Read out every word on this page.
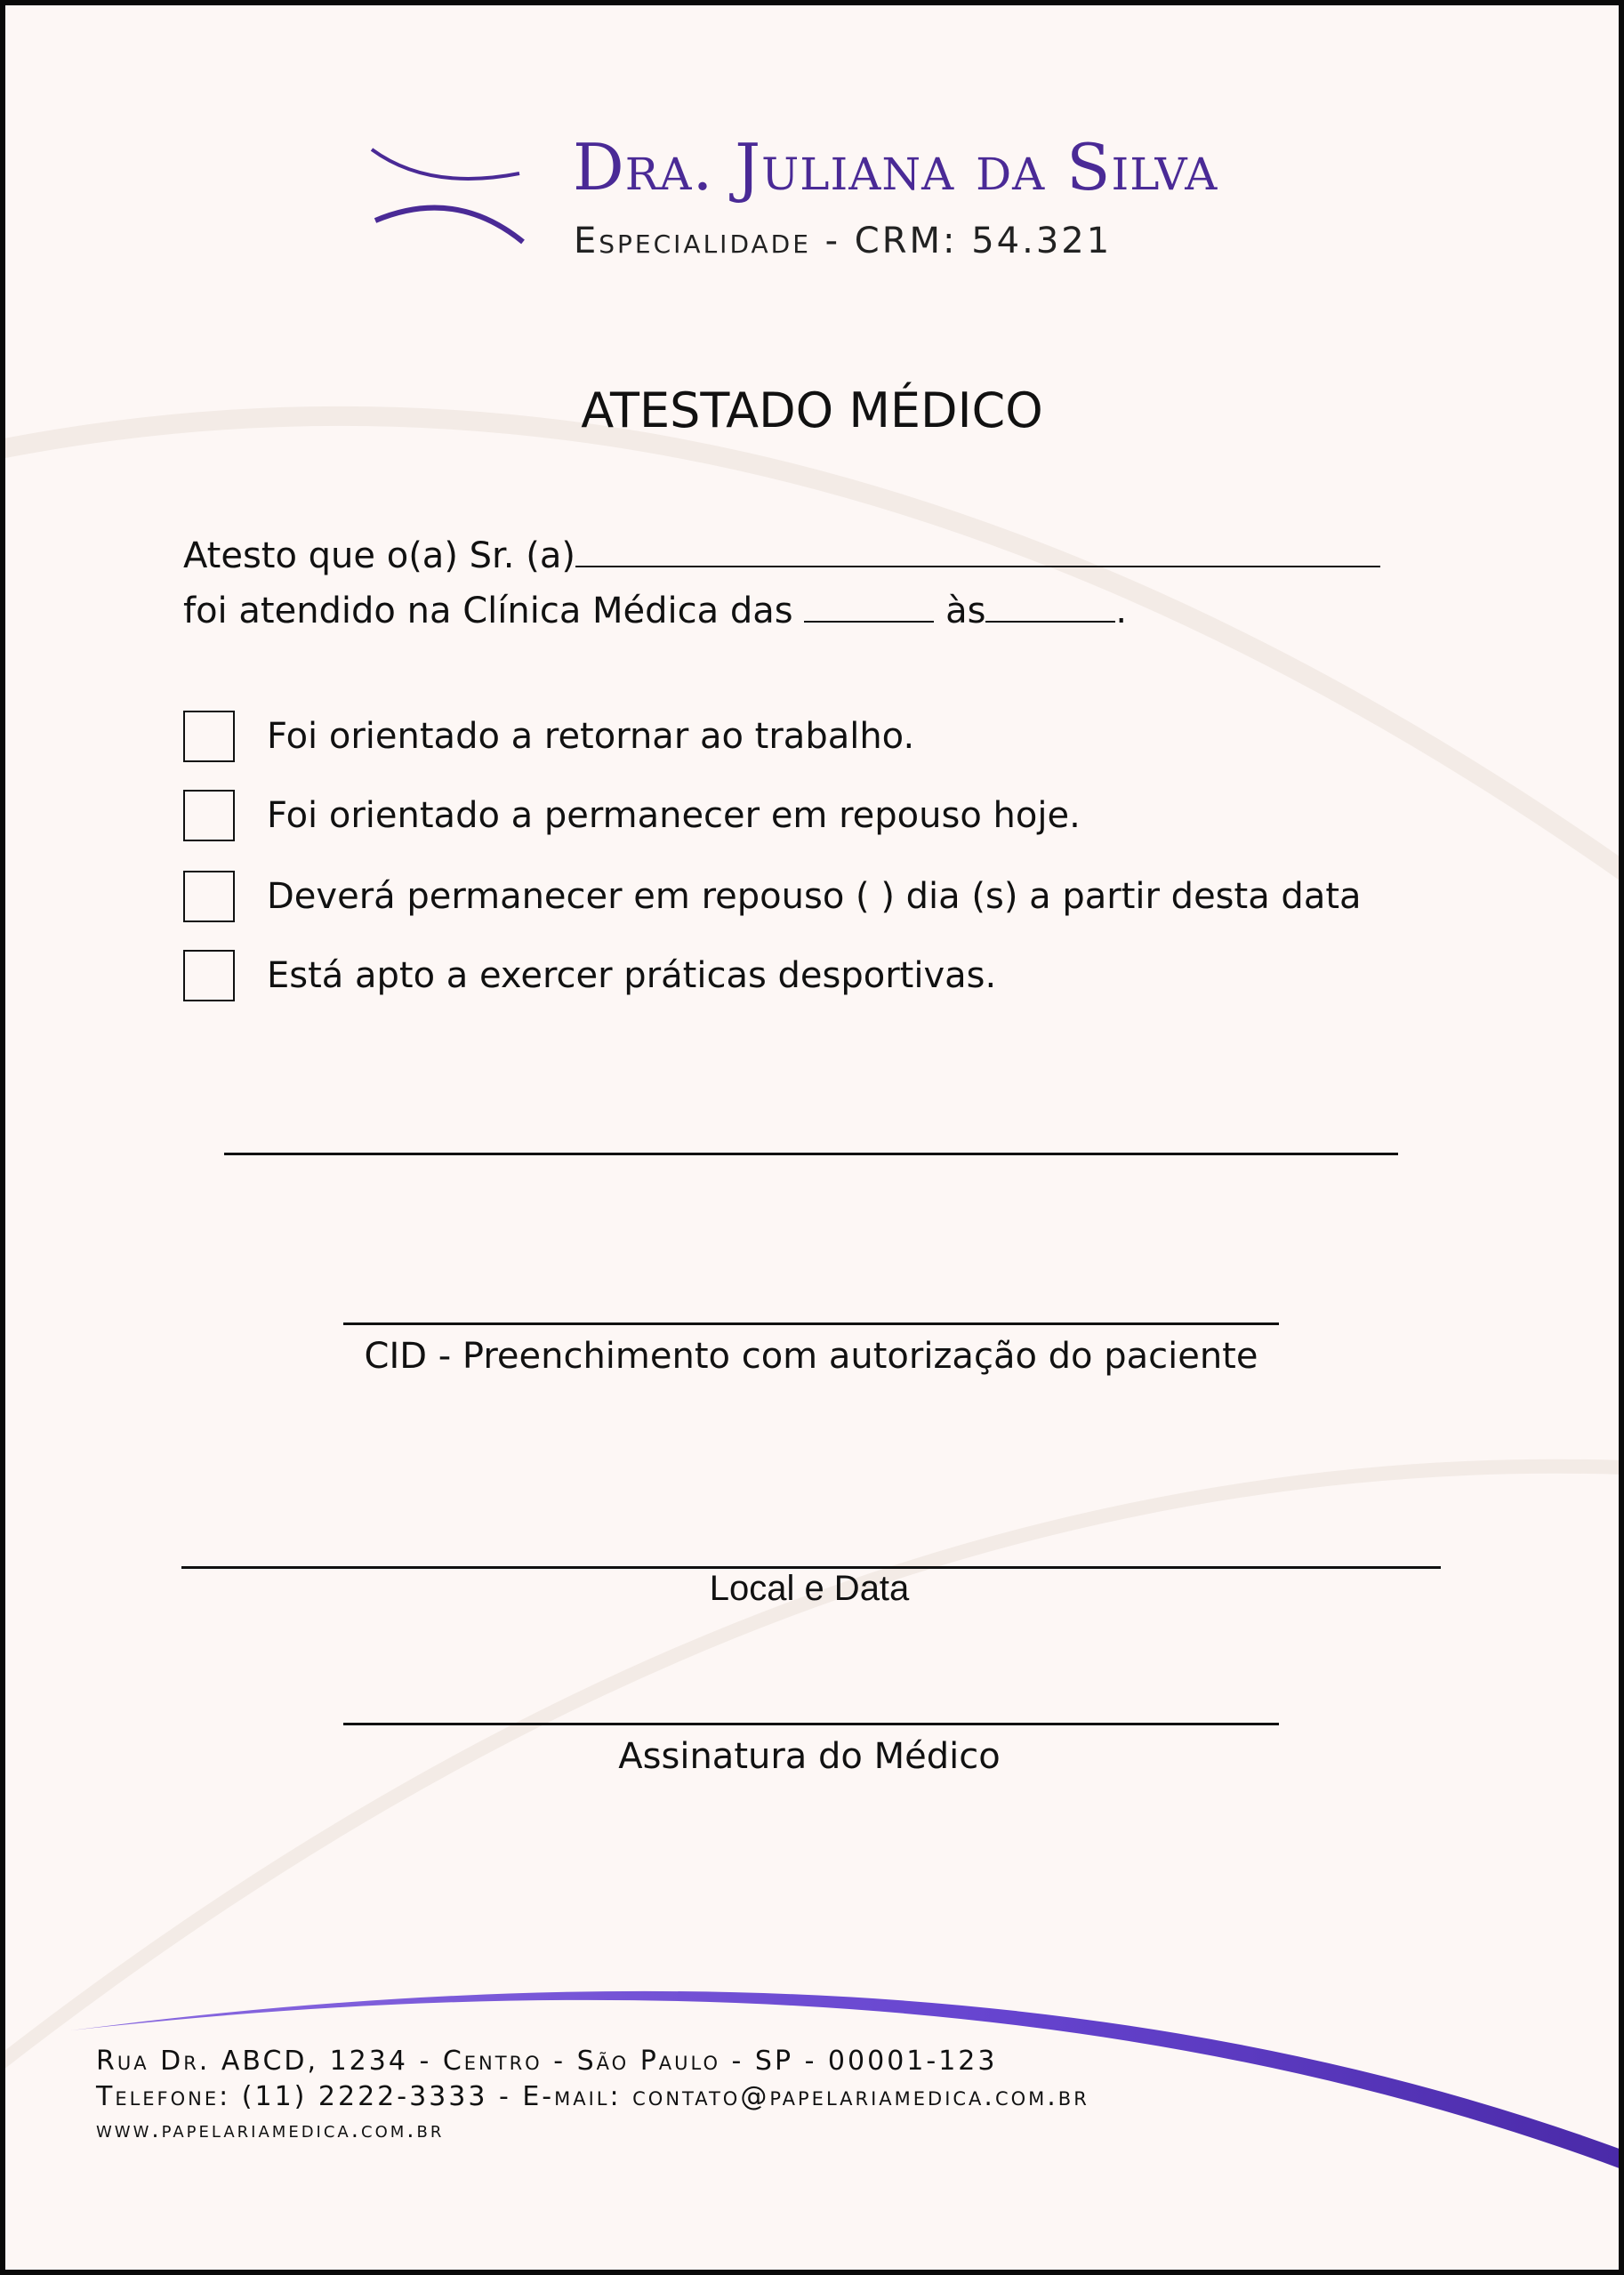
Dra. Juliana da Silva
Especialidade - CRM: 54.321
ATESTADO MÉDICO
Atesto que o(a) Sr. (a)
foi atendido na Clínica Médica das	às	.
Foi orientado a retornar ao trabalho.
Foi orientado a permanecer em repouso hoje.
Deverá permanecer em repouso ( ) dia (s) a partir desta data
Está apto a exercer práticas desportivas.
CID - Preenchimento com autorização do paciente
Local e Data
Assinatura do Médico
Rua Dr. ABCD, 1234 - Centro - São Paulo - SP - 00001-123
Telefone: (11) 2222-3333 - E-mail: contato@papelariamedica.com.br
www.papelariamedica.com.br
